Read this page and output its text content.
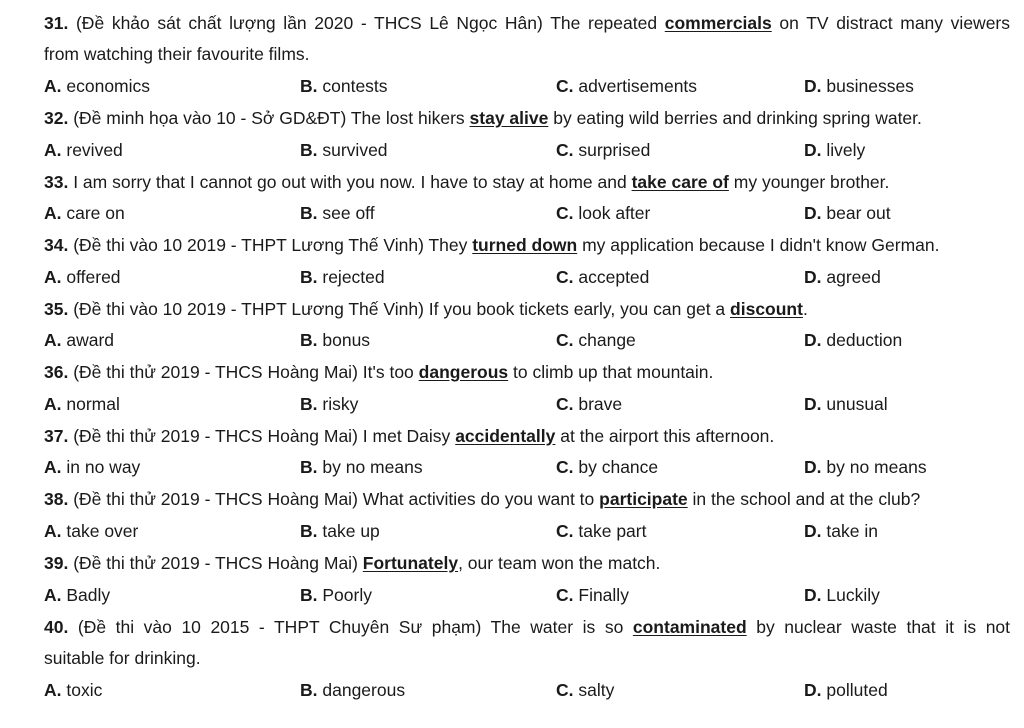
31. (Đề khảo sát chất lượng lần 2020 - THCS Lê Ngọc Hân) The repeated commercials on TV distract many viewers
from watching their favourite films.
A. economics	B. contests	C. advertisements	D. businesses
32. (Đề minh họa vào 10 - Sở GD&ĐT) The lost hikers stay alive by eating wild berries and drinking spring water.
A. revived	B. survived	C. surprised	D. lively
33. I am sorry that I cannot go out with you now. I have to stay at home and take care of my younger brother.
A. care on	B. see off	C. look after	D. bear out
34. (Đề thi vào 10 2019 - THPT Lương Thế Vinh) They turned down my application because I didn't know German.
A. offered	B. rejected	C. accepted	D. agreed
35. (Đề thi vào 10 2019 - THPT Lương Thế Vinh) If you book tickets early, you can get a discount.
A. award	B. bonus	C. change	D. deduction
36. (Đề thi thử 2019 - THCS Hoàng Mai) It's too dangerous to climb up that mountain.
A. normal	B. risky	C. brave	D. unusual
37. (Đề thi thử 2019 - THCS Hoàng Mai) I met Daisy accidentally at the airport this afternoon.
A. in no way	B. by no means	C. by chance	D. by no means
38. (Đề thi thử 2019 - THCS Hoàng Mai) What activities do you want to participate in the school and at the club?
A. take over	B. take up	C. take part	D. take in
39. (Đề thi thử 2019 - THCS Hoàng Mai) Fortunately, our team won the match.
A. Badly	B. Poorly	C. Finally	D. Luckily
40. (Đề thi vào 10 2015 - THPT Chuyên Sư phạm) The water is so contaminated by nuclear waste that it is not
suitable for drinking.
A. toxic	B. dangerous	C. salty	D. polluted
